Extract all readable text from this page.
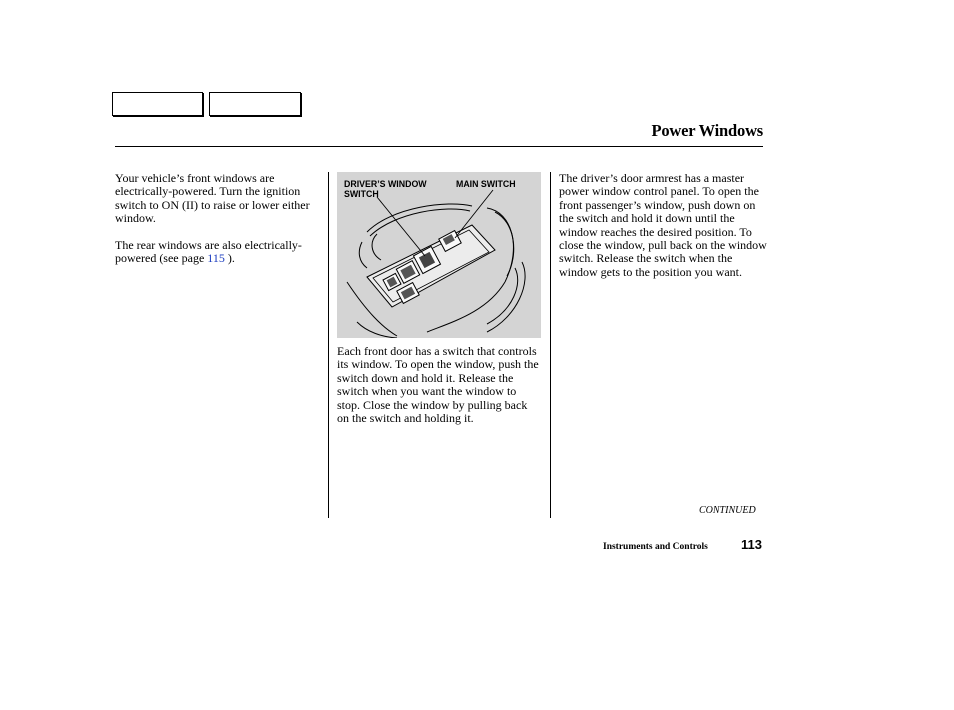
Power Windows

Your vehicle’s front windows are electrically-powered. Turn the ignition switch to ON (II) to raise or lower either window.

The rear windows are also electrically-powered (see page 115 ).

DRIVER’S WINDOW SWITCH
MAIN SWITCH

Each front door has a switch that controls its window. To open the window, push the switch down and hold it. Release the switch when you want the window to stop. Close the window by pulling back on the switch and holding it.

The driver’s door armrest has a master power window control panel. To open the front passenger’s window, push down on the switch and hold it down until the window reaches the desired position. To close the window, pull back on the window switch. Release the switch when the window gets to the position you want.

CONTINUED
Instruments and Controls	113
